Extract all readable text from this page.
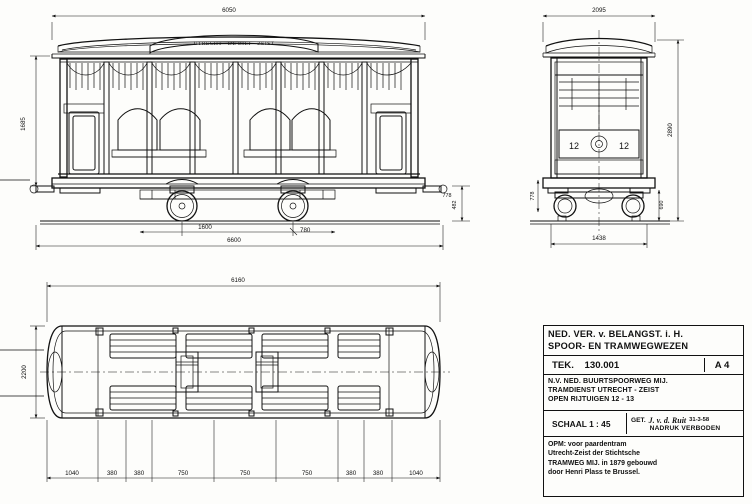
6050
UTRECHT - DE BILT - ZEIST
1685
482
778
1600	780
6600
2095
12	12
2890
778
690
1438
6160
2200
1040	380	380	750	750	750	380	380	1040
NED. VER. v. BELANGST. i. H.
SPOOR- EN TRAMWEGWEZEN
TEK. 130.001	A 4
N.V. NED. BUURTSPOORWEG MIJ.
TRAMDIENST UTRECHT - ZEIST
OPEN RIJTUIGEN 12 - 13
SCHAAL 1 : 45	GET. J. v. d. Ruit 31-3-58
NADRUK VERBODEN
OPM: voor paardentram
Utrecht-Zeist der Stichtsche
TRAMWEG MIJ. in 1879 gebouwd
door Henri Plass te Brussel.
